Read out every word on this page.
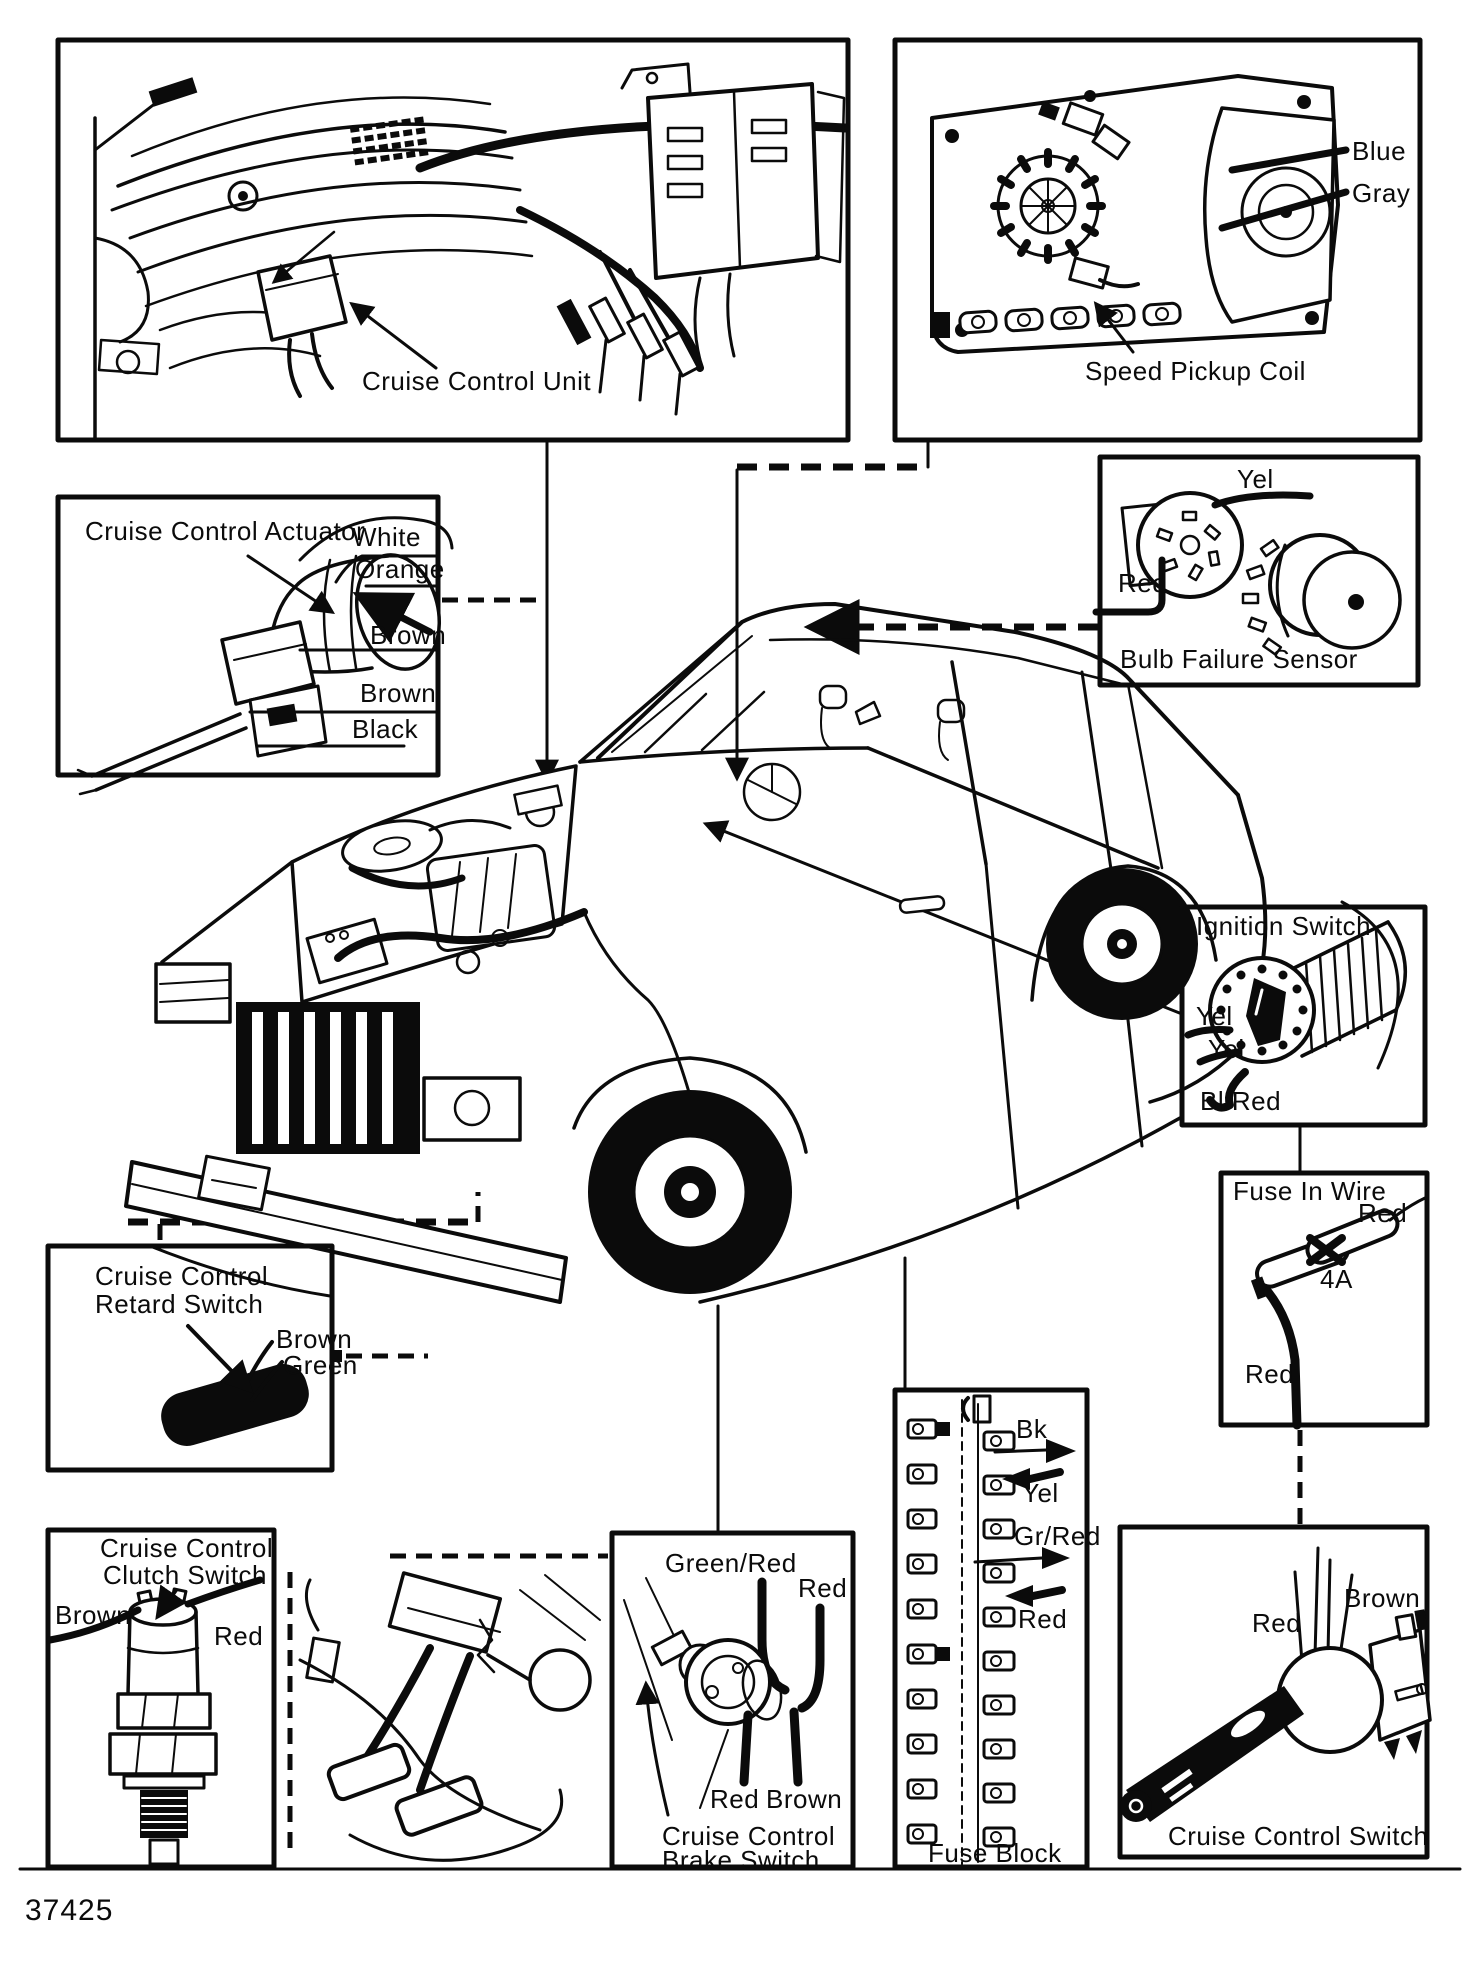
Cruise Control Unit
Blue
Gray
Speed Pickup Coil
Yel
Red
Bulb Failure Sensor
Cruise Control Actuator
White
Orange
Brown
Brown
Black
Ignition Switch
Yel
Yel
Bl/Red
Fuse In Wire
Red
4A
Red
Cruise Control
Retard Switch
Brown
Green
Cruise Control
Clutch Switch
Brown
Red
Green/Red
Red
Red Brown
Cruise Control
Brake Switch
Bk
Yel
Gr/Red
Red
Fuse Block
Red
Brown
Cruise Control Switch
37425
